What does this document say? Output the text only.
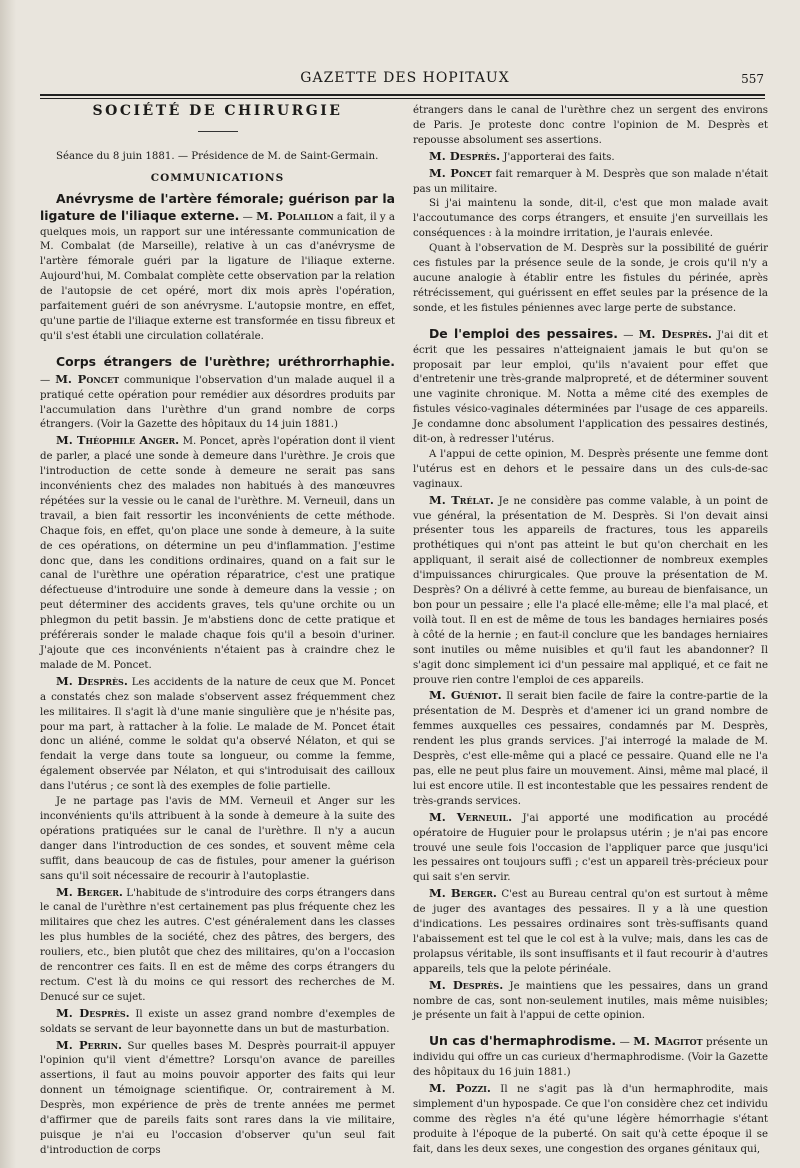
GAZETTE DES HOPITAUX	557

SOCIÉTÉ DE CHIRURGIE

Séance du 8 juin 1881. — Présidence de M. de Saint-Germain.

COMMUNICATIONS

Anévrysme de l'artère fémorale; guérison par la ligature de l'iliaque externe. — M. Polaillon a fait, il y a quelques mois, un rapport sur une intéressante communication de M. Combalat (de Marseille), relative à un cas d'anévrysme de l'artère fémorale guéri par la ligature de l'iliaque externe. Aujourd'hui, M. Combalat complète cette observation par la relation de l'autopsie de cet opéré, mort dix mois après l'opération, parfaitement guéri de son anévrysme. L'autopsie montre, en effet, qu'une partie de l'iliaque externe est transformée en tissu fibreux et qu'il s'est établi une circulation collatérale.

Corps étrangers de l'urèthre; uréthrorrhaphie. — M. Poncet communique l'observation d'un malade auquel il a pratiqué cette opération pour remédier aux désordres produits par l'accumulation dans l'urèthre d'un grand nombre de corps étrangers. (Voir la Gazette des hôpitaux du 14 juin 1881.)

M. Théophile Anger. M. Poncet, après l'opération dont il vient de parler, a placé une sonde à demeure dans l'urèthre. Je crois que l'introduction de cette sonde à demeure ne serait pas sans inconvénients chez des malades non habitués à des manœuvres répétées sur la vessie ou le canal de l'urèthre. M. Verneuil, dans un travail, a bien fait ressortir les inconvénients de cette méthode. Chaque fois, en effet, qu'on place une sonde à demeure, à la suite de ces opérations, on détermine un peu d'inflammation. J'estime donc que, dans les conditions ordinaires, quand on a fait sur le canal de l'urèthre une opération réparatrice, c'est une pratique défectueuse d'introduire une sonde à demeure dans la vessie ; on peut déterminer des accidents graves, tels qu'une orchite ou un phlegmon du petit bassin. Je m'abstiens donc de cette pratique et préférerais sonder le malade chaque fois qu'il a besoin d'uriner. J'ajoute que ces inconvénients n'étaient pas à craindre chez le malade de M. Poncet.

M. Desprès. Les accidents de la nature de ceux que M. Poncet a constatés chez son malade s'observent assez fréquemment chez les militaires. Il s'agit là d'une manie singulière que je n'hésite pas, pour ma part, à rattacher à la folie. Le malade de M. Poncet était donc un aliéné, comme le soldat qu'a observé Nélaton, et qui se fendait la verge dans toute sa longueur, ou comme la femme, également observée par Nélaton, et qui s'introduisait des cailloux dans l'utérus ; ce sont là des exemples de folie partielle.

Je ne partage pas l'avis de MM. Verneuil et Anger sur les inconvénients qu'ils attribuent à la sonde à demeure à la suite des opérations pratiquées sur le canal de l'urèthre. Il n'y a aucun danger dans l'introduction de ces sondes, et souvent même cela suffit, dans beaucoup de cas de fistules, pour amener la guérison sans qu'il soit nécessaire de recourir à l'autoplastie.

M. Berger. L'habitude de s'introduire des corps étrangers dans le canal de l'urèthre n'est certainement pas plus fréquente chez les militaires que chez les autres. C'est généralement dans les classes les plus humbles de la société, chez des pâtres, des bergers, des rouliers, etc., bien plutôt que chez des militaires, qu'on a l'occasion de rencontrer ces faits. Il en est de même des corps étrangers du rectum. C'est là du moins ce qui ressort des recherches de M. Denucé sur ce sujet.

M. Desprès. Il existe un assez grand nombre d'exemples de soldats se servant de leur bayonnette dans un but de masturbation.

M. Perrin. Sur quelles bases M. Desprès pourrait-il appuyer l'opinion qu'il vient d'émettre? Lorsqu'on avance de pareilles assertions, il faut au moins pouvoir apporter des faits qui leur donnent un témoignage scientifique. Or, contrairement à M. Desprès, mon expérience de près de trente années me permet d'affirmer que de pareils faits sont rares dans la vie militaire, puisque je n'ai eu l'occasion d'observer qu'un seul fait d'introduction de corps

étrangers dans le canal de l'urèthre chez un sergent des environs de Paris. Je proteste donc contre l'opinion de M. Desprès et repousse absolument ses assertions.

M. Desprès. J'apporterai des faits.

M. Poncet fait remarquer à M. Desprès que son malade n'était pas un militaire.

Si j'ai maintenu la sonde, dit-il, c'est que mon malade avait l'accoutumance des corps étrangers, et ensuite j'en surveillais les conséquences : à la moindre irritation, je l'aurais enlevée.

Quant à l'observation de M. Desprès sur la possibilité de guérir ces fistules par la présence seule de la sonde, je crois qu'il n'y a aucune analogie à établir entre les fistules du périnée, après rétrécissement, qui guérissent en effet seules par la présence de la sonde, et les fistules péniennes avec large perte de substance.

De l'emploi des pessaires. — M. Desprès. J'ai dit et écrit que les pessaires n'atteignaient jamais le but qu'on se proposait par leur emploi, qu'ils n'avaient pour effet que d'entretenir une très-grande malpropreté, et de déterminer souvent une vaginite chronique. M. Notta a même cité des exemples de fistules vésico-vaginales déterminées par l'usage de ces appareils. Je condamne donc absolument l'application des pessaires destinés, dit-on, à redresser l'utérus.

A l'appui de cette opinion, M. Desprès présente une femme dont l'utérus est en dehors et le pessaire dans un des culs-de-sac vaginaux.

M. Trélat. Je ne considère pas comme valable, à un point de vue général, la présentation de M. Desprès. Si l'on devait ainsi présenter tous les appareils de fractures, tous les appareils prothétiques qui n'ont pas atteint le but qu'on cherchait en les appliquant, il serait aisé de collectionner de nombreux exemples d'impuissances chirurgicales. Que prouve la présentation de M. Desprès? On a délivré à cette femme, au bureau de bienfaisance, un bon pour un pessaire ; elle l'a placé elle-même; elle l'a mal placé, et voilà tout. Il en est de même de tous les bandages herniaires posés à côté de la hernie ; en faut-il conclure que les bandages herniaires sont inutiles ou même nuisibles et qu'il faut les abandonner? Il s'agit donc simplement ici d'un pessaire mal appliqué, et ce fait ne prouve rien contre l'emploi de ces appareils.

M. Guéniot. Il serait bien facile de faire la contre-partie de la présentation de M. Desprès et d'amener ici un grand nombre de femmes auxquelles ces pessaires, condamnés par M. Desprès, rendent les plus grands services. J'ai interrogé la malade de M. Desprès, c'est elle-même qui a placé ce pessaire. Quand elle ne l'a pas, elle ne peut plus faire un mouvement. Ainsi, même mal placé, il lui est encore utile. Il est incontestable que les pessaires rendent de très-grands services.

M. Verneuil. J'ai apporté une modification au procédé opératoire de Huguier pour le prolapsus utérin ; je n'ai pas encore trouvé une seule fois l'occasion de l'appliquer parce que jusqu'ici les pessaires ont toujours suffi ; c'est un appareil très-précieux pour qui sait s'en servir.

M. Berger. C'est au Bureau central qu'on est surtout à même de juger des avantages des pessaires. Il y a là une question d'indications. Les pessaires ordinaires sont très-suffisants quand l'abaissement est tel que le col est à la vulve; mais, dans les cas de prolapsus véritable, ils sont insuffisants et il faut recourir à d'autres appareils, tels que la pelote périnéale.

M. Desprès. Je maintiens que les pessaires, dans un grand nombre de cas, sont non-seulement inutiles, mais même nuisibles; je présente un fait à l'appui de cette opinion.

Un cas d'hermaphrodisme. — M. Magitot présente un individu qui offre un cas curieux d'hermaphrodisme. (Voir la Gazette des hôpitaux du 16 juin 1881.)

M. Pozzi. Il ne s'agit pas là d'un hermaphrodite, mais simplement d'un hypospade. Ce que l'on considère chez cet individu comme des règles n'a été qu'une légère hémorrhagie s'étant produite à l'époque de la puberté. On sait qu'à cette époque il se fait, dans les deux sexes, une congestion des organes génitaux qui,
